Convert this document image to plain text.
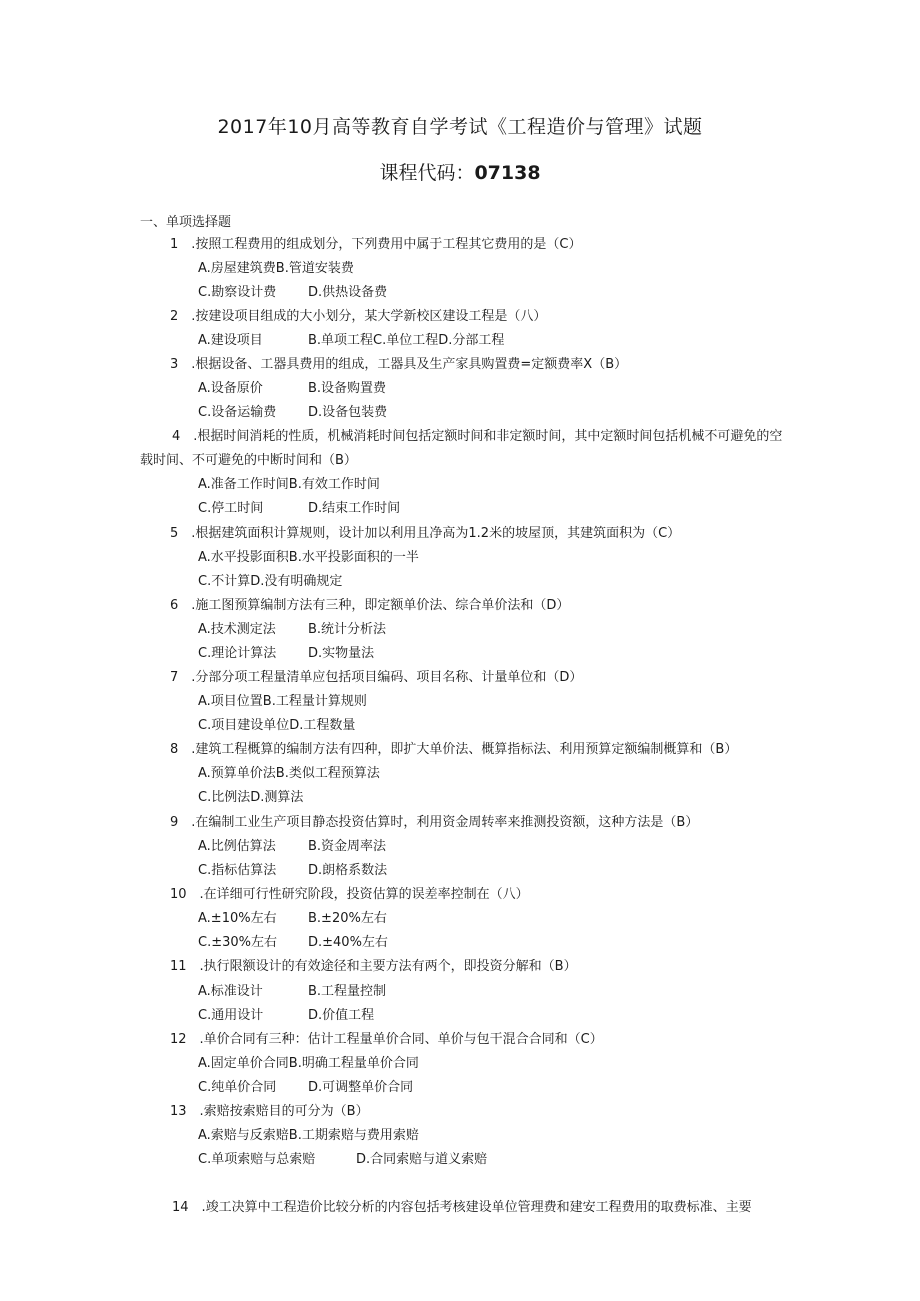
2017年10月高等教育自学考试《工程造价与管理》试题
课程代码：07138
一、单项选择题
1　.按照工程费用的组成划分，下列费用中属于工程其它费用的是（C）
A.房屋建筑费B.管道安装费
C.勘察设计费 D.供热设备费
2　.按建设项目组成的大小划分，某大学新校区建设工程是（八）
A.建设项目	B.单项工程C.单位工程D.分部工程
3　.根据设备、工器具费用的组成，工器具及生产家具购置费=定额费率X（B）
A.设备原价	B.设备购置费
C.设备运输费 D.设备包装费
4　.根据时间消耗的性质，机械消耗时间包括定额时间和非定额时间，其中定额时间包括机械不可避免的空载时间、不可避免的中断时间和（B）
A.准备工作时间B.有效工作时间
C.停工时间	D.结束工作时间
5　.根据建筑面积计算规则，设计加以利用且净高为1.2米的坡屋顶，其建筑面积为（C）
A.水平投影面积B.水平投影面积的一半
C.不计算D.没有明确规定
6　.施工图预算编制方法有三种，即定额单价法、综合单价法和（D）
A.技术测定法 B.统计分析法
C.理论计算法 D.实物量法
7　.分部分项工程量清单应包括项目编码、项目名称、计量单位和（D）
A.项目位置B.工程量计算规则
C.项目建设单位D.工程数量
8　.建筑工程概算的编制方法有四种，即扩大单价法、概算指标法、利用预算定额编制概算和（B）
A.预算单价法B.类似工程预算法
C.比例法D.测算法
9　.在编制工业生产项目静态投资估算时，利用资金周转率来推测投资额，这种方法是（B）
A.比例估算法 B.资金周率法
C.指标估算法 D.朗格系数法
10　.在详细可行性研究阶段，投资估算的误差率控制在（八）
A.±10%左右 B.±20%左右
C.±30%左右 D.±40%左右
11　.执行限额设计的有效途径和主要方法有两个，即投资分解和（B）
A.标准设计	B.工程量控制
C.通用设计	D.价值工程
12　.单价合同有三种：估计工程量单价合同、单价与包干混合合同和（C）
A.固定单价合同B.明确工程量单价合同
C.纯单价合同 D.可调整单价合同
13　.索赔按索赔目的可分为（B）
A.索赔与反索赔B.工期索赔与费用索赔
C.单项索赔与总索赔	D.合同索赔与道义索赔
14　.竣工决算中工程造价比较分析的内容包括考核建设单位管理费和建安工程费用的取费标准、主要
